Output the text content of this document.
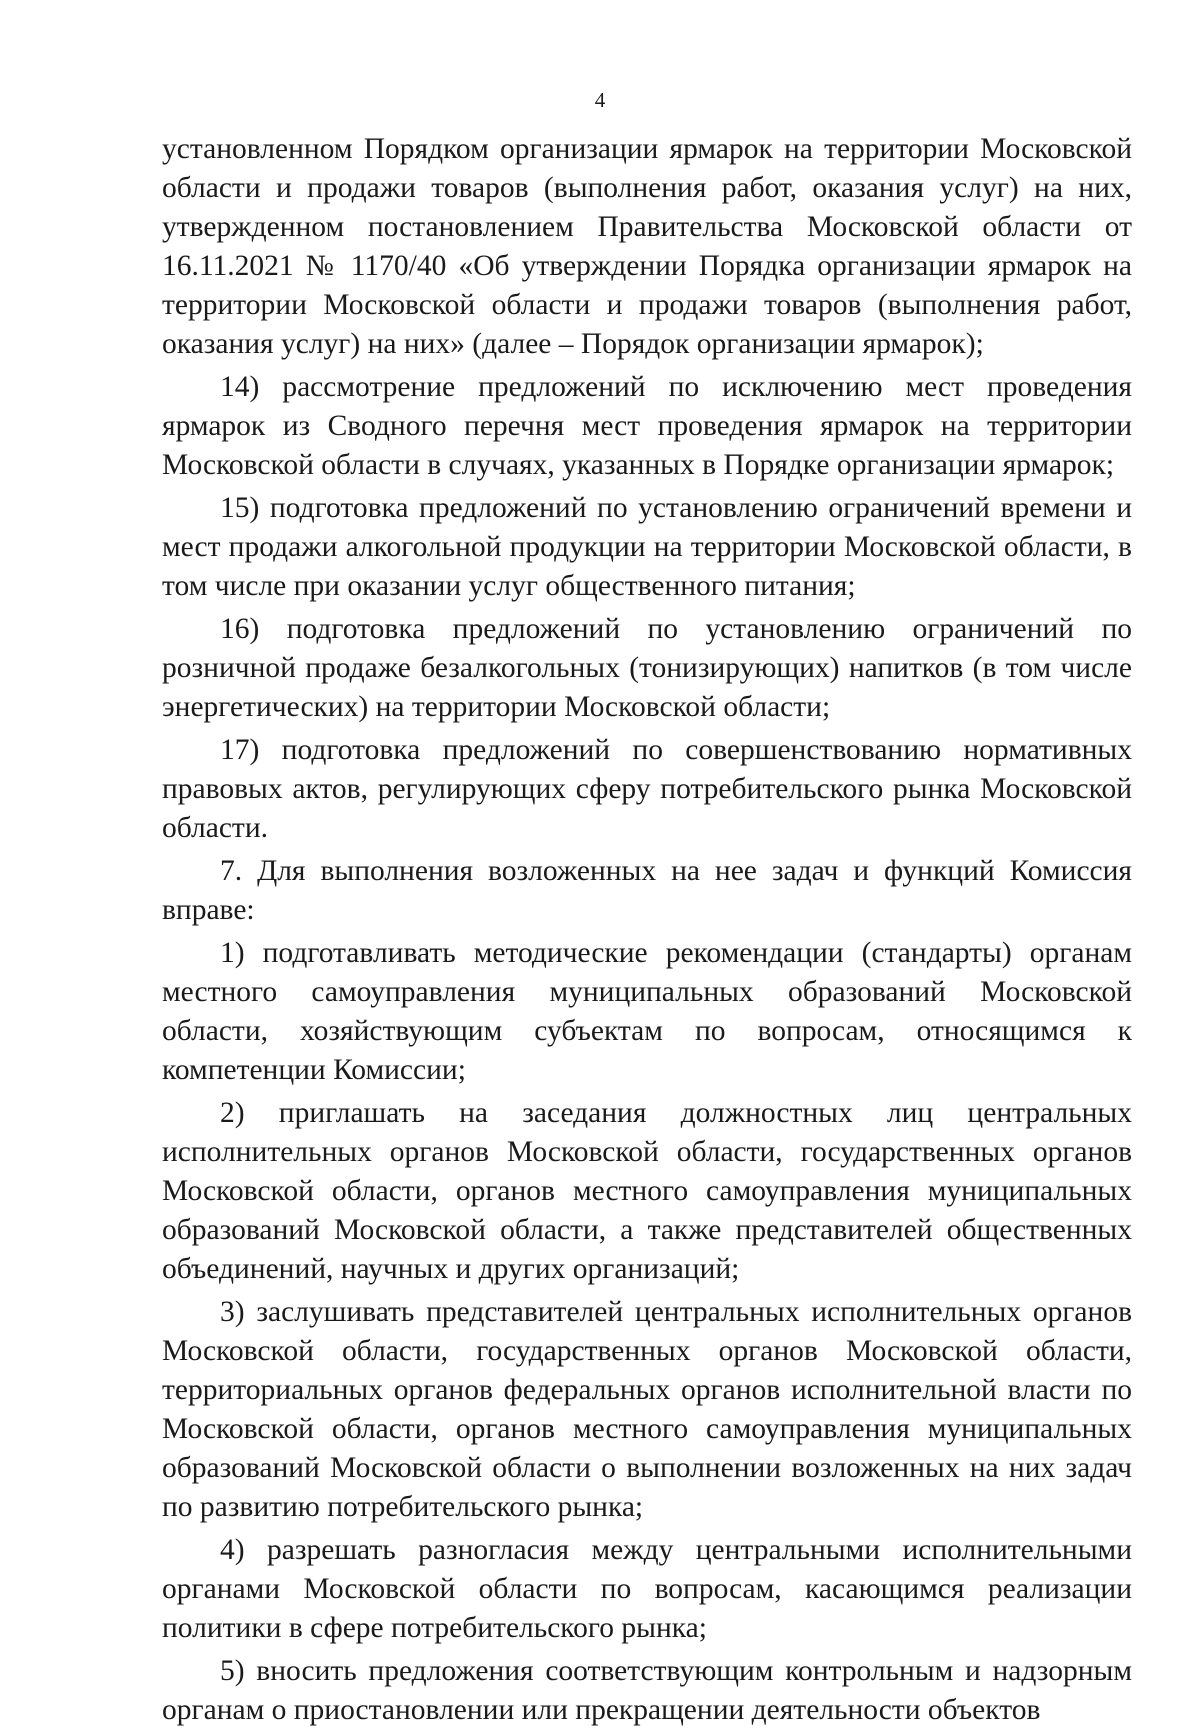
4

установленном Порядком организации ярмарок на территории Московской области и продажи товаров (выполнения работ, оказания услуг) на них, утвержденном постановлением Правительства Московской области от 16.11.2021 № 1170/40 «Об утверждении Порядка организации ярмарок на территории Московской области и продажи товаров (выполнения работ, оказания услуг) на них» (далее – Порядок организации ярмарок);

14) рассмотрение предложений по исключению мест проведения ярмарок из Сводного перечня мест проведения ярмарок на территории Московской области в случаях, указанных в Порядке организации ярмарок;

15) подготовка предложений по установлению ограничений времени и мест продажи алкогольной продукции на территории Московской области, в том числе при оказании услуг общественного питания;

16) подготовка предложений по установлению ограничений по розничной продаже безалкогольных (тонизирующих) напитков (в том числе энергетических) на территории Московской области;

17) подготовка предложений по совершенствованию нормативных правовых актов, регулирующих сферу потребительского рынка Московской области.

7. Для выполнения возложенных на нее задач и функций Комиссия вправе:

1) подготавливать методические рекомендации (стандарты) органам местного самоуправления муниципальных образований Московской области, хозяйствующим субъектам по вопросам, относящимся к компетенции Комиссии;

2) приглашать на заседания должностных лиц центральных исполнительных органов Московской области, государственных органов Московской области, органов местного самоуправления муниципальных образований Московской области, а также представителей общественных объединений, научных и других организаций;

3) заслушивать представителей центральных исполнительных органов Московской области, государственных органов Московской области, территориальных органов федеральных органов исполнительной власти по Московской области, органов местного самоуправления муниципальных образований Московской области о выполнении возложенных на них задач по развитию потребительского рынка;

4) разрешать разногласия между центральными исполнительными органами Московской области по вопросам, касающимся реализации политики в сфере потребительского рынка;

5) вносить предложения соответствующим контрольным и надзорным органам о приостановлении или прекращении деятельности объектов
